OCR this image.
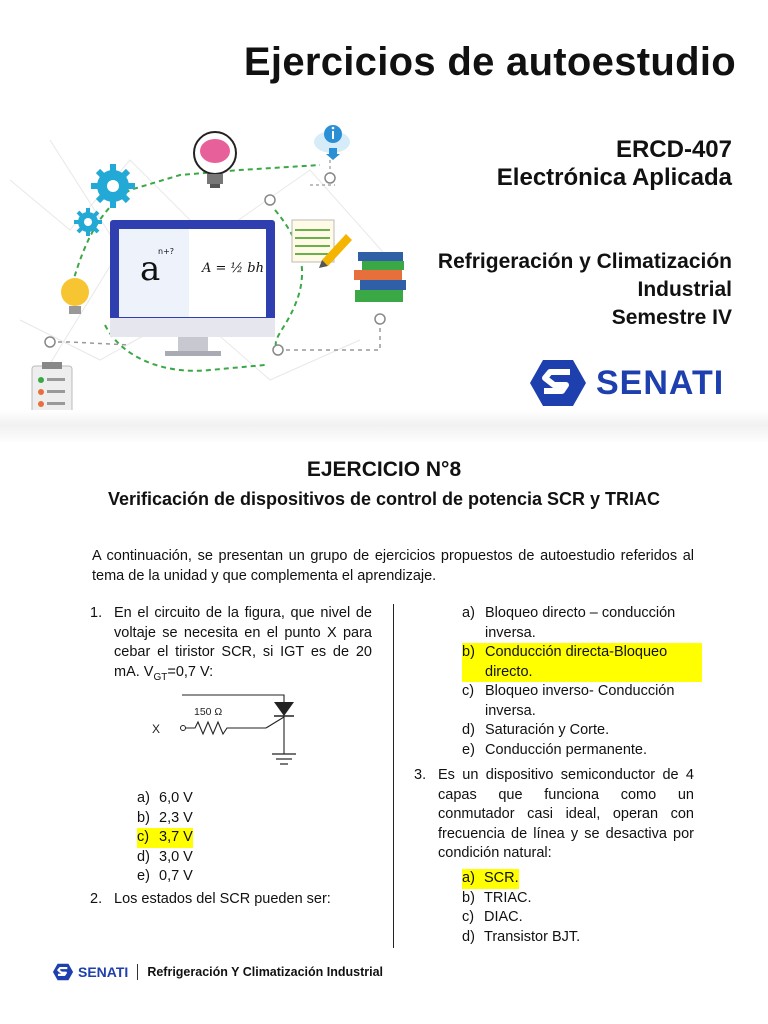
Ejercicios de autoestudio
ERCD-407
Electrónica Aplicada
Refrigeración y Climatización
Industrial
Semestre IV
SENATI
a
n+?
A = ½ bh
EJERCICIO N°8
Verificación de dispositivos de control de potencia SCR y TRIAC
A continuación, se presentan un grupo de ejercicios propuestos de autoestudio referidos al tema de la unidad y que complementa el aprendizaje.
1. En el circuito de la figura, que nivel de voltaje se necesita en el punto X para cebar el tiristor SCR, si IGT es de 20 mA. $V_{GT}=0,7$ V:
X
150 Ω
a) 6,0 V
b) 2,3 V
c) 3,7 V
d) 3,0 V
e) 0,7 V
2. Los estados del SCR pueden ser:
a) Bloqueo directo – conducción inversa.
b) Conducción directa-Bloqueo directo.
c) Bloqueo inverso- Conducción inversa.
d) Saturación y Corte.
e) Conducción permanente.
3. Es un dispositivo semiconductor de 4 capas que funciona como un conmutador casi ideal, operan con frecuencia de línea y se desactiva por condición natural:
a) SCR.
b) TRIAC.
c) DIAC.
d) Transistor BJT.
SENATI Refrigeración Y Climatización Industrial
